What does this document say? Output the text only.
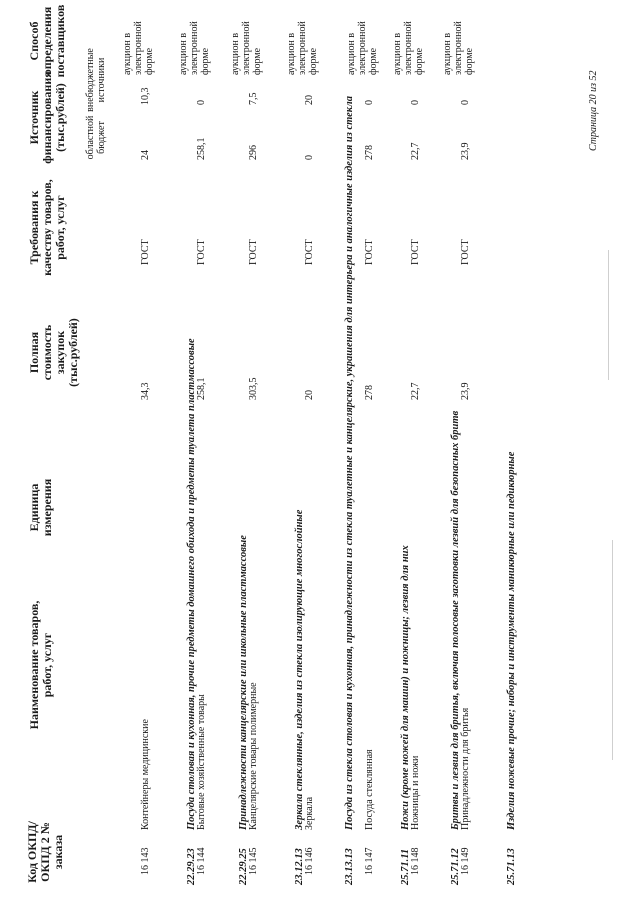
Код ОКПД/ ОКПД 2 № заказа
Наименование товаров, работ, услуг
Единица измерения
Полная стоимость закупок (тыс.рублей)
Требования к качеству товаров, работ, услуг
Источник финансирования (тыс.рублей) областной бюджет
внебюджетные источники
Способ определения поставщиков
16 143
Контейнеры медицинские
34,3
ГОСТ
24
10,3
аукцион в электронной форме
22.29.23
Посуда столовая и кухонная, прочие предметы домашнего обихода и предметы туалета пластмассовые
16 144
Бытовые хозяйственные товары
258,1
ГОСТ
258,1
0
аукцион в электронной форме
22.29.25
Принадлежности канцелярские или школьные пластмассовые
16 145
Канцелярские товары полимерные
303,5
ГОСТ
296
7,5
аукцион в электронной форме
23.12.13
Зеркала стеклянные, изделия из стекла изолирующие многослойные
16 146
Зеркала
20
ГОСТ
0
20
аукцион в электронной форме
23.13.13
Посуда из стекла столовая и кухонная, принадлежности из стекла туалетные и канцелярские, украшения для интерьера и аналогичные изделия из стекла
16 147
Посуда стеклянная
278
ГОСТ
278
0
аукцион в электронной форме
25.71.11
Ножи (кроме ножей для машин) и ножницы; лезвия для них
16 148
Ножницы и ножи
22,7
ГОСТ
22,7
0
аукцион в электронной форме
25.71.12
Бритвы и лезвия для бритья, включая полосовые заготовки лезвий для безопасных бритв
16 149
Принадлежности для бритья
23,9
ГОСТ
23,9
0
аукцион в электронной форме
25.71.13
Изделия ножевые прочие; наборы и инструменты маникюрные или педикюрные
Страница 20 из 52
